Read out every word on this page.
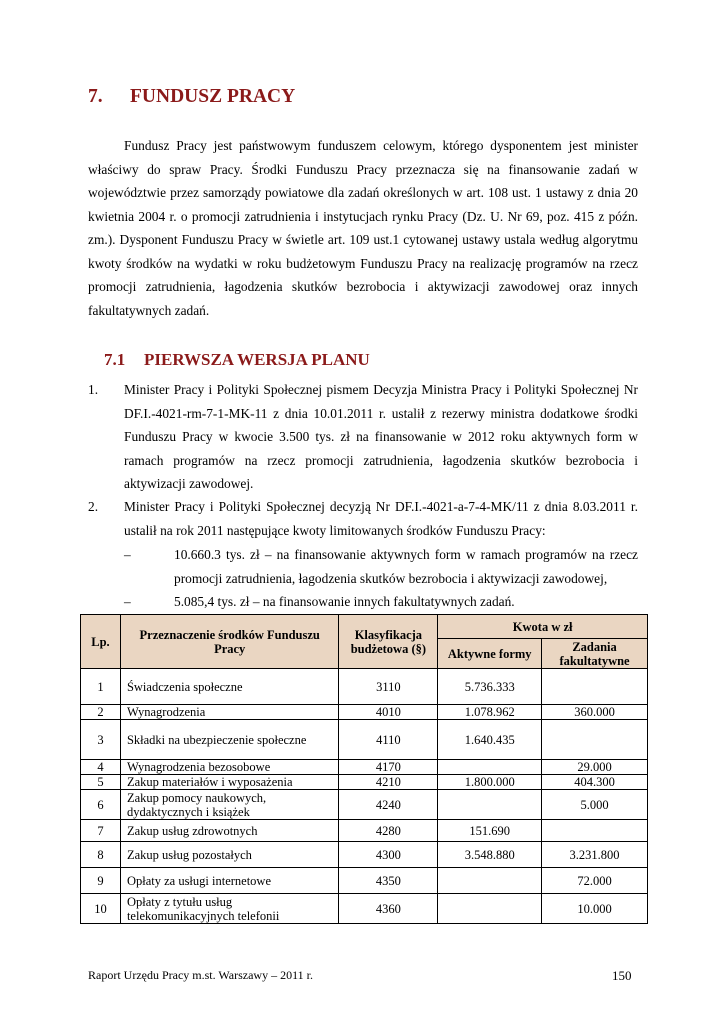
7. FUNDUSZ PRACY
Fundusz Pracy jest państwowym funduszem celowym, którego dysponentem jest minister właściwy do spraw Pracy. Środki Funduszu Pracy przeznacza się na finansowanie zadań w województwie przez samorządy powiatowe dla zadań określonych w art. 108 ust. 1 ustawy z dnia 20 kwietnia 2004 r. o promocji zatrudnienia i instytucjach rynku Pracy (Dz. U. Nr 69, poz. 415 z późn. zm.). Dysponent Funduszu Pracy w świetle art. 109 ust.1 cytowanej ustawy ustala według algorytmu kwoty środków na wydatki w roku budżetowym Funduszu Pracy na realizację programów na rzecz promocji zatrudnienia, łagodzenia skutków bezrobocia i aktywizacji zawodowej oraz innych fakultatywnych zadań.
7.1 PIERWSZA WERSJA PLANU
1. Minister Pracy i Polityki Społecznej pismem Decyzja Ministra Pracy i Polityki Społecznej Nr DF.I.-4021-rm-7-1-MK-11 z dnia 10.01.2011 r. ustalił z rezerwy ministra dodatkowe środki Funduszu Pracy w kwocie 3.500 tys. zł na finansowanie w 2012 roku aktywnych form w ramach programów na rzecz promocji zatrudnienia, łagodzenia skutków bezrobocia i aktywizacji zawodowej.
2. Minister Pracy i Polityki Społecznej decyzją Nr DF.I.-4021-a-7-4-MK/11 z dnia 8.03.2011 r. ustalił na rok 2011 następujące kwoty limitowanych środków Funduszu Pracy:
–	10.660.3 tys. zł – na finansowanie aktywnych form w ramach programów na rzecz promocji zatrudnienia, łagodzenia skutków bezrobocia i aktywizacji zawodowej,
–	5.085,4 tys. zł – na finansowanie innych fakultatywnych zadań.
Lp.	Przeznaczenie środków Funduszu Pracy	Klasyfikacja budżetowa (§)	Kwota w zł	
			Aktywne formy	Zadania fakultatywne
1	Świadczenia społeczne	3110	5.736.333	
2	Wynagrodzenia	4010	1.078.962	360.000
3	Składki na ubezpieczenie społeczne	4110	1.640.435	
4	Wynagrodzenia bezosobowe	4170		29.000
5	Zakup materiałów i wyposażenia	4210	1.800.000	404.300
6	Zakup pomocy naukowych, dydaktycznych i książek	4240		5.000
7	Zakup usług zdrowotnych	4280	151.690	
8	Zakup usług pozostałych	4300	3.548.880	3.231.800
9	Opłaty za usługi internetowe	4350		72.000
10	Opłaty z tytułu usług telekomunikacyjnych telefonii	4360		10.000
Raport Urzędu Pracy m.st. Warszawy – 2011 r.	150
